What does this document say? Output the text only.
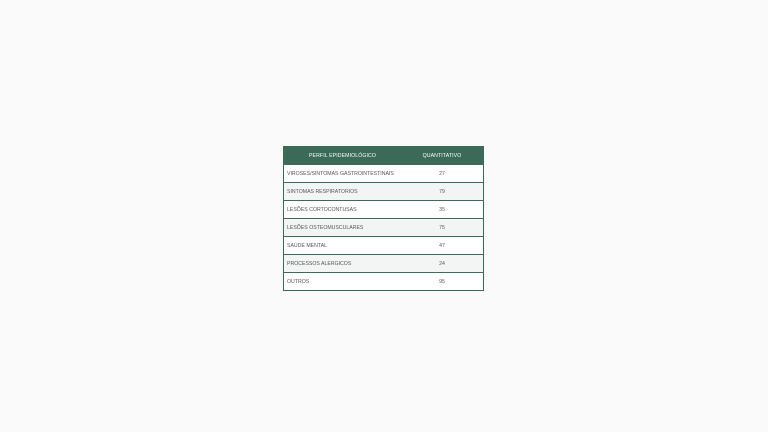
PERFIL EPIDEMIOLÓGICO	QUANTITATIVO
VIROSES/SINTOMAS GASTROINTESTINAIS	27
SINTOMAS RESPIRATORIOS	79
LESÕES CORTOCONTUSAS	35
LESÕES OSTEOMUSCULARES	75
SAÚDE MENTAL	47
PROCESSOS ALERGICOS	24
OUTROS	95
